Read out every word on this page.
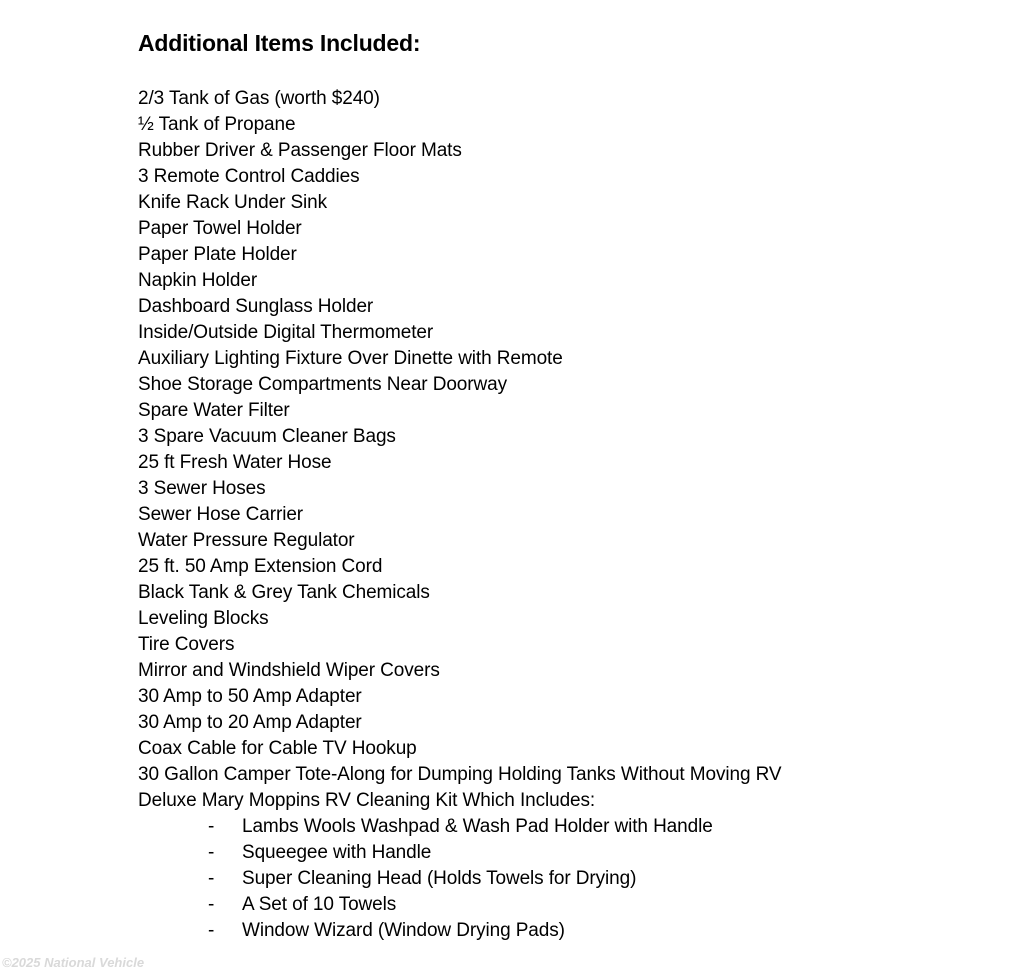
Additional Items Included:
2/3 Tank of Gas (worth $240)
½ Tank of Propane
Rubber Driver & Passenger Floor Mats
3 Remote Control Caddies
Knife Rack Under Sink
Paper Towel Holder
Paper Plate Holder
Napkin Holder
Dashboard Sunglass Holder
Inside/Outside Digital Thermometer
Auxiliary Lighting Fixture Over Dinette with Remote
Shoe Storage Compartments Near Doorway
Spare Water Filter
3 Spare Vacuum Cleaner Bags
25 ft Fresh Water Hose
3 Sewer Hoses
Sewer Hose Carrier
Water Pressure Regulator
25 ft. 50 Amp Extension Cord
Black Tank & Grey Tank Chemicals
Leveling Blocks
Tire Covers
Mirror and Windshield Wiper Covers
30 Amp to 50 Amp Adapter
30 Amp to 20 Amp Adapter
Coax Cable for Cable TV Hookup
30 Gallon Camper Tote-Along for Dumping Holding Tanks Without Moving RV
Deluxe Mary Moppins RV Cleaning Kit Which Includes:
- Lambs Wools Washpad & Wash Pad Holder with Handle
- Squeegee with Handle
- Super Cleaning Head (Holds Towels for Drying)
- A Set of 10 Towels
- Window Wizard (Window Drying Pads)
©2025 National Vehicle
